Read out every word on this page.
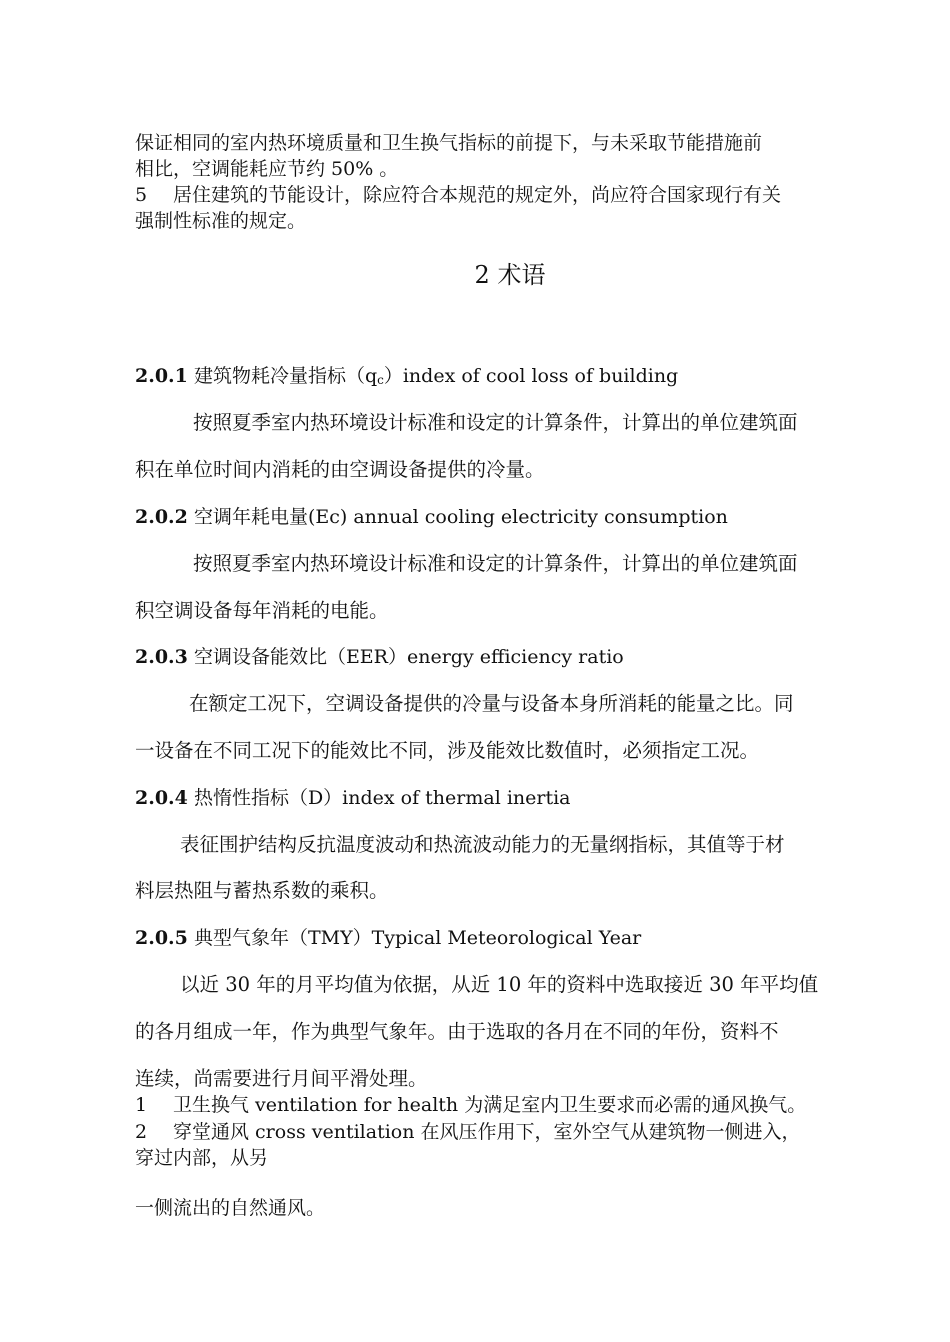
保证相同的室内热环境质量和卫生换气指标的前提下，与未采取节能措施前
相比，空调能耗应节约 50% 。
5 居住建筑的节能设计，除应符合本规范的规定外，尚应符合国家现行有关
强制性标准的规定。
2 术语
2.0.1 建筑物耗冷量指标（qc）index of cool loss of building
按照夏季室内热环境设计标准和设定的计算条件，计算出的单位建筑面
积在单位时间内消耗的由空调设备提供的冷量。
2.0.2 空调年耗电量(Ec) annual cooling electricity consumption
按照夏季室内热环境设计标准和设定的计算条件，计算出的单位建筑面
积空调设备每年消耗的电能。
2.0.3 空调设备能效比（EER）energy efficiency ratio
在额定工况下，空调设备提供的冷量与设备本身所消耗的能量之比。同
一设备在不同工况下的能效比不同，涉及能效比数值时，必须指定工况。
2.0.4 热惰性指标（D）index of thermal inertia
表征围护结构反抗温度波动和热流波动能力的无量纲指标，其值等于材
料层热阻与蓄热系数的乘积。
2.0.5 典型气象年（TMY）Typical Meteorological Year
以近 30 年的月平均值为依据，从近 10 年的资料中选取接近 30 年平均值
的各月组成一年，作为典型气象年。由于选取的各月在不同的年份，资料不
连续，尚需要进行月间平滑处理。
1 卫生换气 ventilation for health 为满足室内卫生要求而必需的通风换气。
2 穿堂通风 cross ventilation 在风压作用下，室外空气从建筑物一侧进入，
穿过内部，从另
一侧流出的自然通风。
